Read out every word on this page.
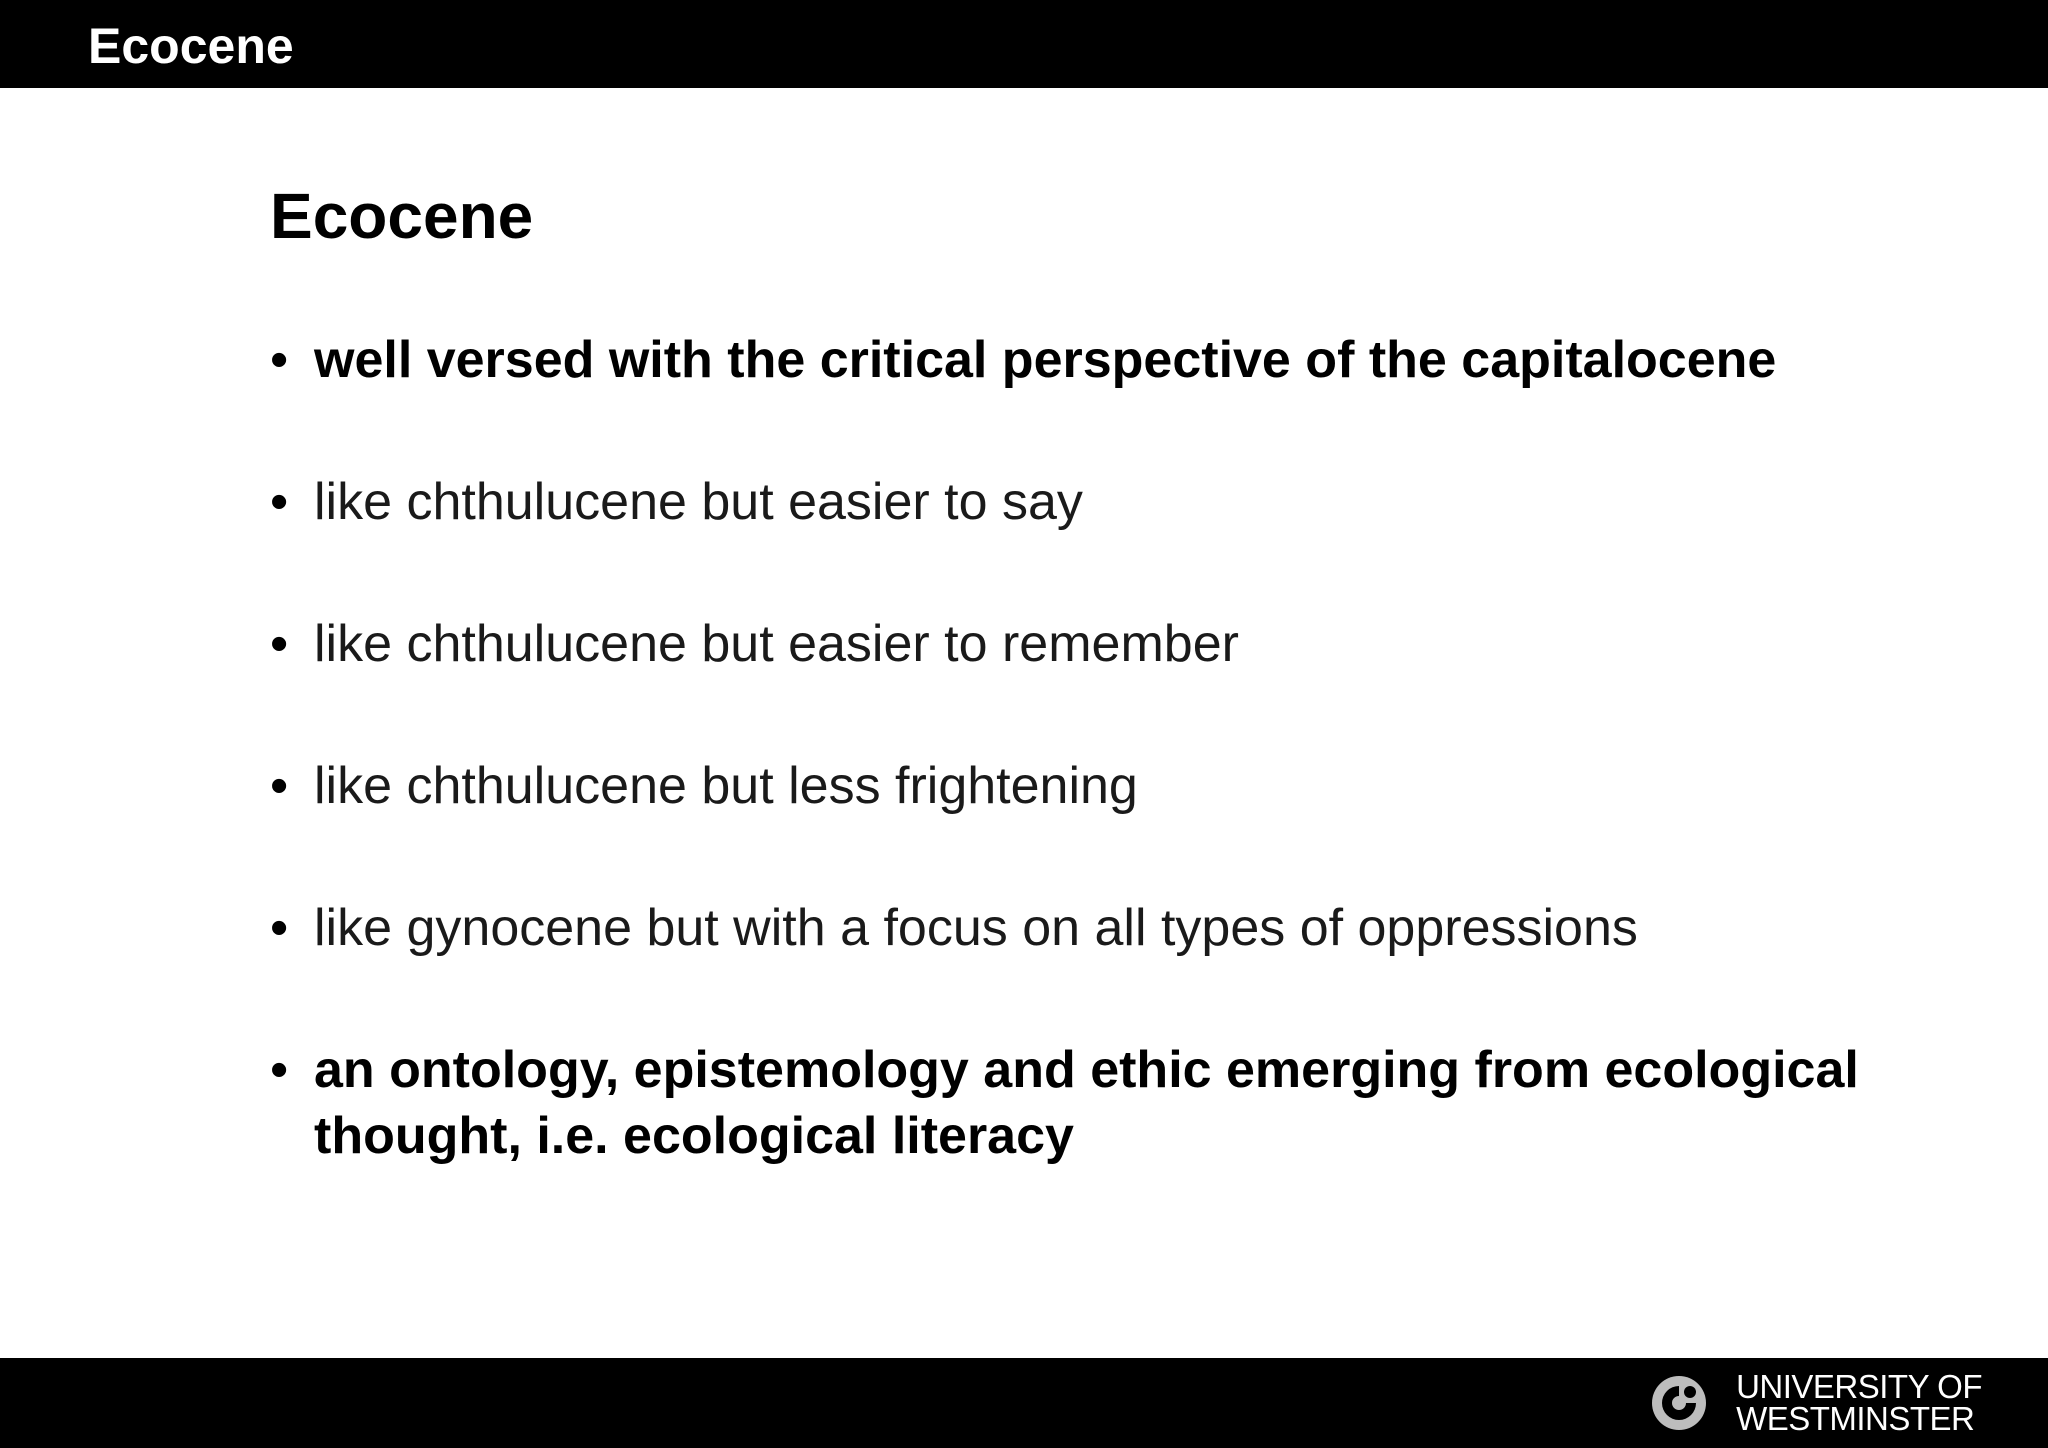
Ecocene
Ecocene
• well versed with the critical perspective of the capitalocene
• like chthulucene but easier to say
• like chthulucene but easier to remember
• like chthulucene but less frightening
• like gynocene but with a focus on all types of oppressions
• an ontology, epistemology and ethic emerging from ecological thought, i.e. ecological literacy
UNIVERSITY OF
WESTMINSTER
